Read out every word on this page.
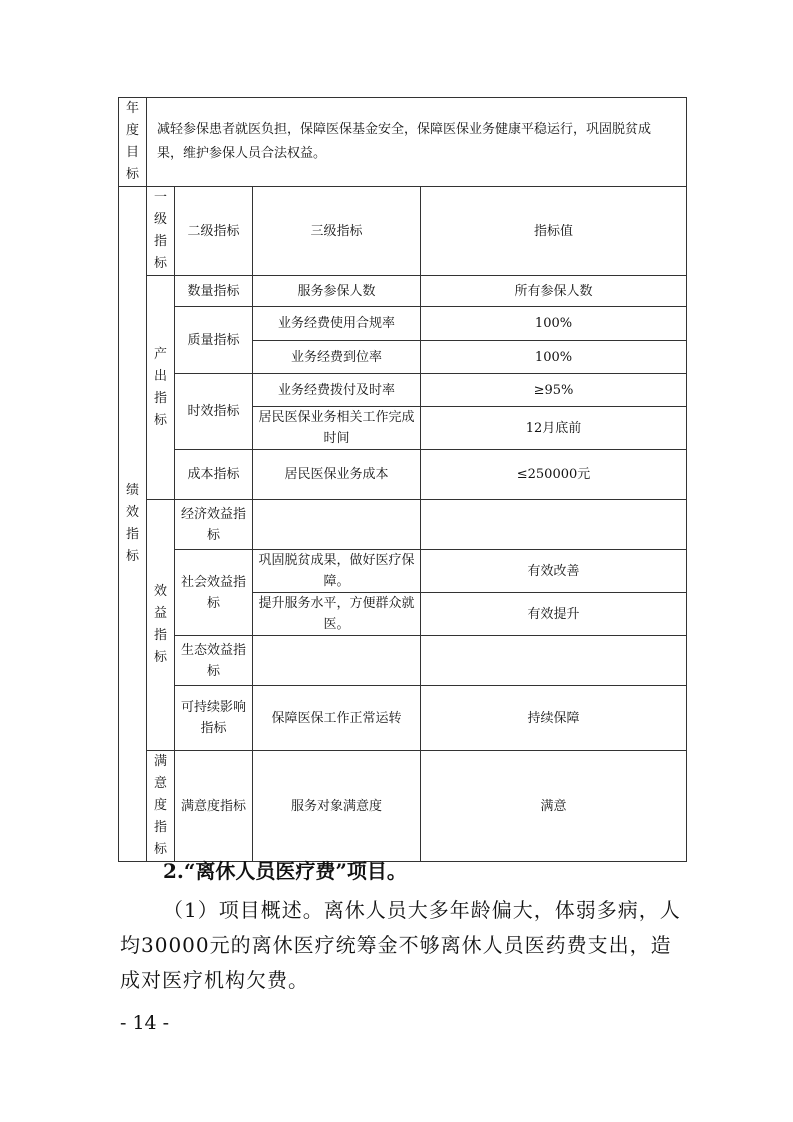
年度目标	减轻参保患者就医负担，保障医保基金安全，保障医保业务健康平稳运行，巩固脱贫成果，维护参保人员合法权益。			
绩效指标	一级指标	二级指标	三级指标	指标值
	产出指标	数量指标	服务参保人数	所有参保人数
		质量指标	业务经费使用合规率	100%
			业务经费到位率	100%
		时效指标	业务经费拨付及时率	≥95%
			居民医保业务相关工作完成时间	12月底前
		成本指标	居民医保业务成本	≤250000元
	效益指标	经济效益指标		
		社会效益指标	巩固脱贫成果，做好医疗保障。	有效改善
			提升服务水平，方便群众就医。	有效提升
		生态效益指标		
		可持续影响指标	保障医保工作正常运转	持续保障
	满意度指标	满意度指标	服务对象满意度	满意
2.“离休人员医疗费”项目。
（1）项目概述。离休人员大多年龄偏大，体弱多病，人均30000元的离休医疗统筹金不够离休人员医药费支出，造成对医疗机构欠费。
- 14 -
